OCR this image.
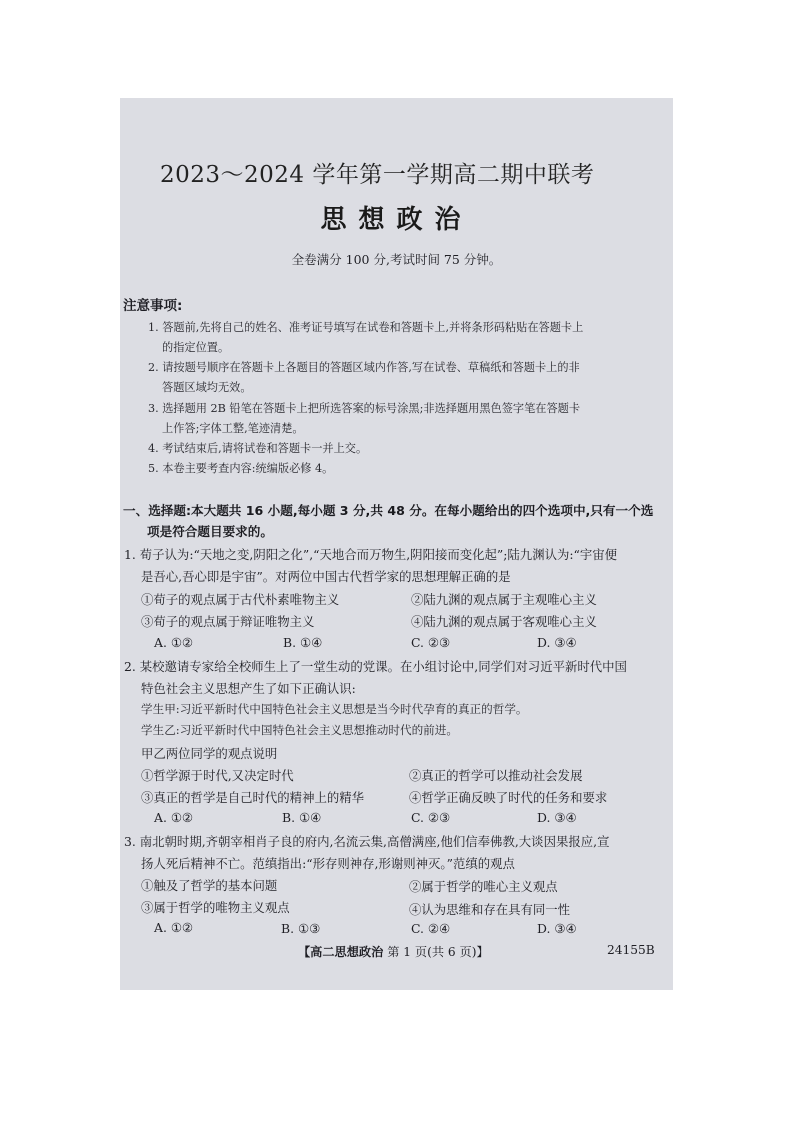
2023～2024 学年第一学期高二期中联考
思想政治
全卷满分 100 分,考试时间 75 分钟。
注意事项:
1. 答题前,先将自己的姓名、准考证号填写在试卷和答题卡上,并将条形码粘贴在答题卡上
的指定位置。
2. 请按题号顺序在答题卡上各题目的答题区域内作答,写在试卷、草稿纸和答题卡上的非
答题区域均无效。
3. 选择题用 2B 铅笔在答题卡上把所选答案的标号涂黑;非选择题用黑色签字笔在答题卡
上作答;字体工整,笔迹清楚。
4. 考试结束后,请将试卷和答题卡一并上交。
5. 本卷主要考查内容:统编版必修 4。
一、选择题:本大题共 16 小题,每小题 3 分,共 48 分。在每小题给出的四个选项中,只有一个选
项是符合题目要求的。
1. 荀子认为:“天地之变,阴阳之化”,“天地合而万物生,阴阳接而变化起”;陆九渊认为:“宇宙便
是吾心,吾心即是宇宙”。对两位中国古代哲学家的思想理解正确的是
①荀子的观点属于古代朴素唯物主义	②陆九渊的观点属于主观唯心主义
③荀子的观点属于辩证唯物主义	④陆九渊的观点属于客观唯心主义
A. ①②	B. ①④	C. ②③	D. ③④
2. 某校邀请专家给全校师生上了一堂生动的党课。在小组讨论中,同学们对习近平新时代中国
特色社会主义思想产生了如下正确认识:
学生甲:习近平新时代中国特色社会主义思想是当今时代孕育的真正的哲学。
学生乙:习近平新时代中国特色社会主义思想推动时代的前进。
甲乙两位同学的观点说明
①哲学源于时代,又决定时代	②真正的哲学可以推动社会发展
③真正的哲学是自己时代的精神上的精华	④哲学正确反映了时代的任务和要求
A. ①②	B. ①④	C. ②③	D. ③④
3. 南北朝时期,齐朝宰相肖子良的府内,名流云集,高僧满座,他们信奉佛教,大谈因果报应,宣
扬人死后精神不亡。范缜指出:“形存则神存,形谢则神灭。”范缜的观点
①触及了哲学的基本问题	②属于哲学的唯心主义观点
③属于哲学的唯物主义观点	④认为思维和存在具有同一性
A. ①②	B. ①③	C. ②④	D. ③④
【高二思想政治 第 1 页(共 6 页)】	24155B
